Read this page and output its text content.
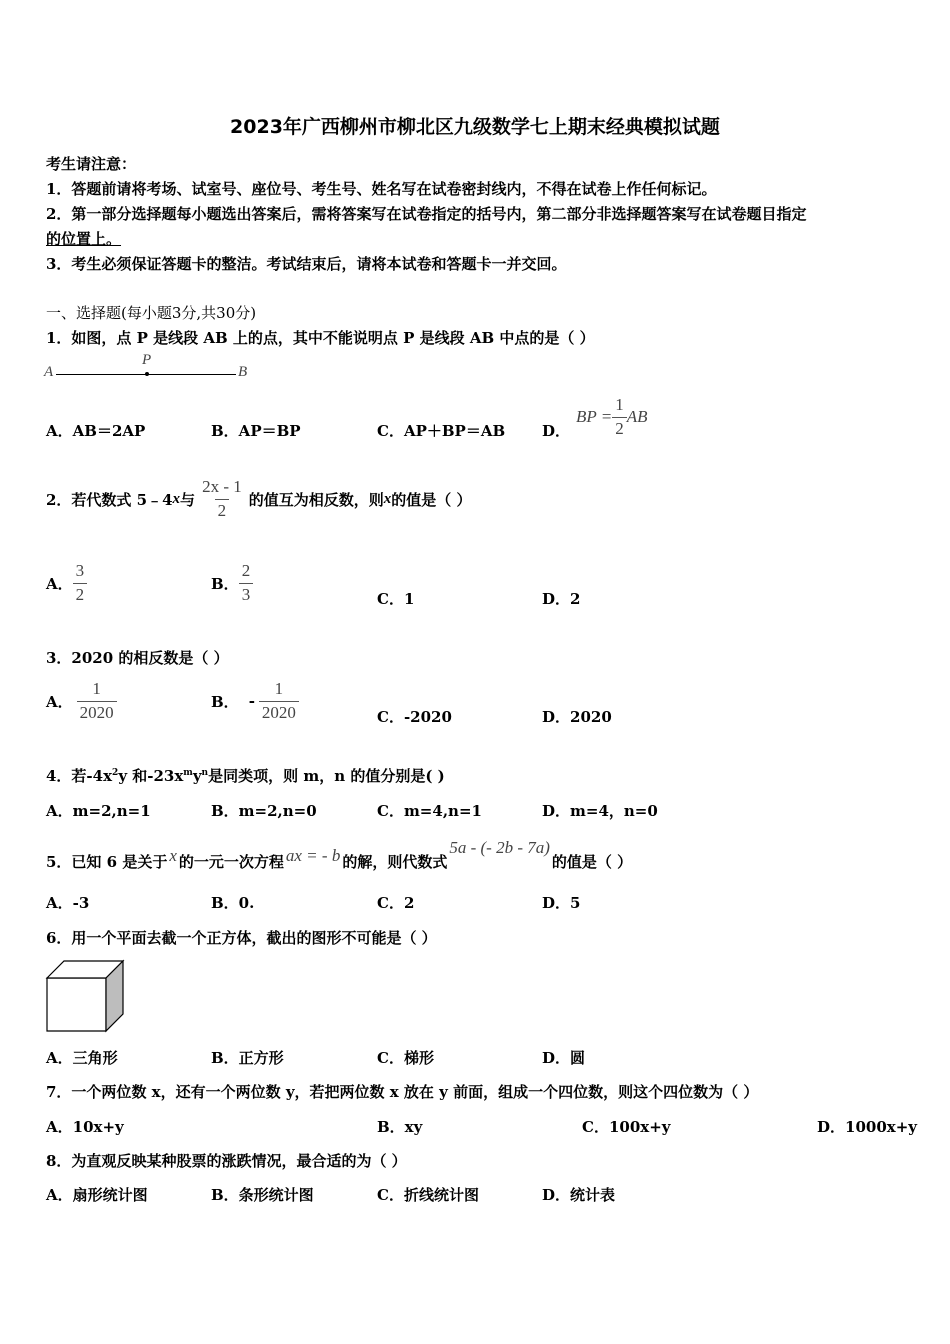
2023年广西柳州市柳北区九级数学七上期末经典模拟试题
考生请注意：
1．答题前请将考场、试室号、座位号、考生号、姓名写在试卷密封线内，不得在试卷上作任何标记。
2．第一部分选择题每小题选出答案后，需将答案写在试卷指定的括号内，第二部分非选择题答案写在试卷题目指定
的位置上。
3．考生必须保证答题卡的整洁。考试结束后，请将本试卷和答题卡一并交回。
一、选择题(每小题3分,共30分)
1．如图，点 P 是线段 AB 上的点，其中不能说明点 P 是线段 AB 中点的是（ ）
A
P
B
A．AB＝2AP	B．AP＝BP	C．AP＋BP＝AB D．
BP = $\frac{1}{2}$ AB
2．若代数式 5﹣4 x 与 $\frac{2x - 1}{2}$ 的值互为相反数，则 x 的值是（ ）
A． $\frac{3}{2}$	B． $\frac{2}{3}$	C．1	D．2
3．2020 的相反数是（ ）
A． $\frac{1}{2020}$	B． - $\frac{1}{2020}$	C．-2020	D．2020
4．若$-4x^2y$ 和$-23x^my^n$是同类项，则 m，n 的值分别是( )
A．m=2,n=1	B．m=2,n=0	C．m=4,n=1	D．m=4，n=0
5．已知 6 是关于 x 的一元一次方程 ax = - b 的解，则代数式
5a - (- 2b - 7a)
的值是（ ）
A．-3	B．0.	C．2	D．5
6．用一个平面去截一个正方体，截出的图形不可能是（ ）
A．三角形	B．正方形	C．梯形	D．圆
7．一个两位数 x，还有一个两位数 y，若把两位数 x 放在 y 前面，组成一个四位数，则这个四位数为（ ）
A．10x+y	B．xy	C．100x+y	D．1000x+y
8．为直观反映某种股票的涨跌情况，最合适的为（ ）
A．扇形统计图	B．条形统计图	C．折线统计图	D．统计表
